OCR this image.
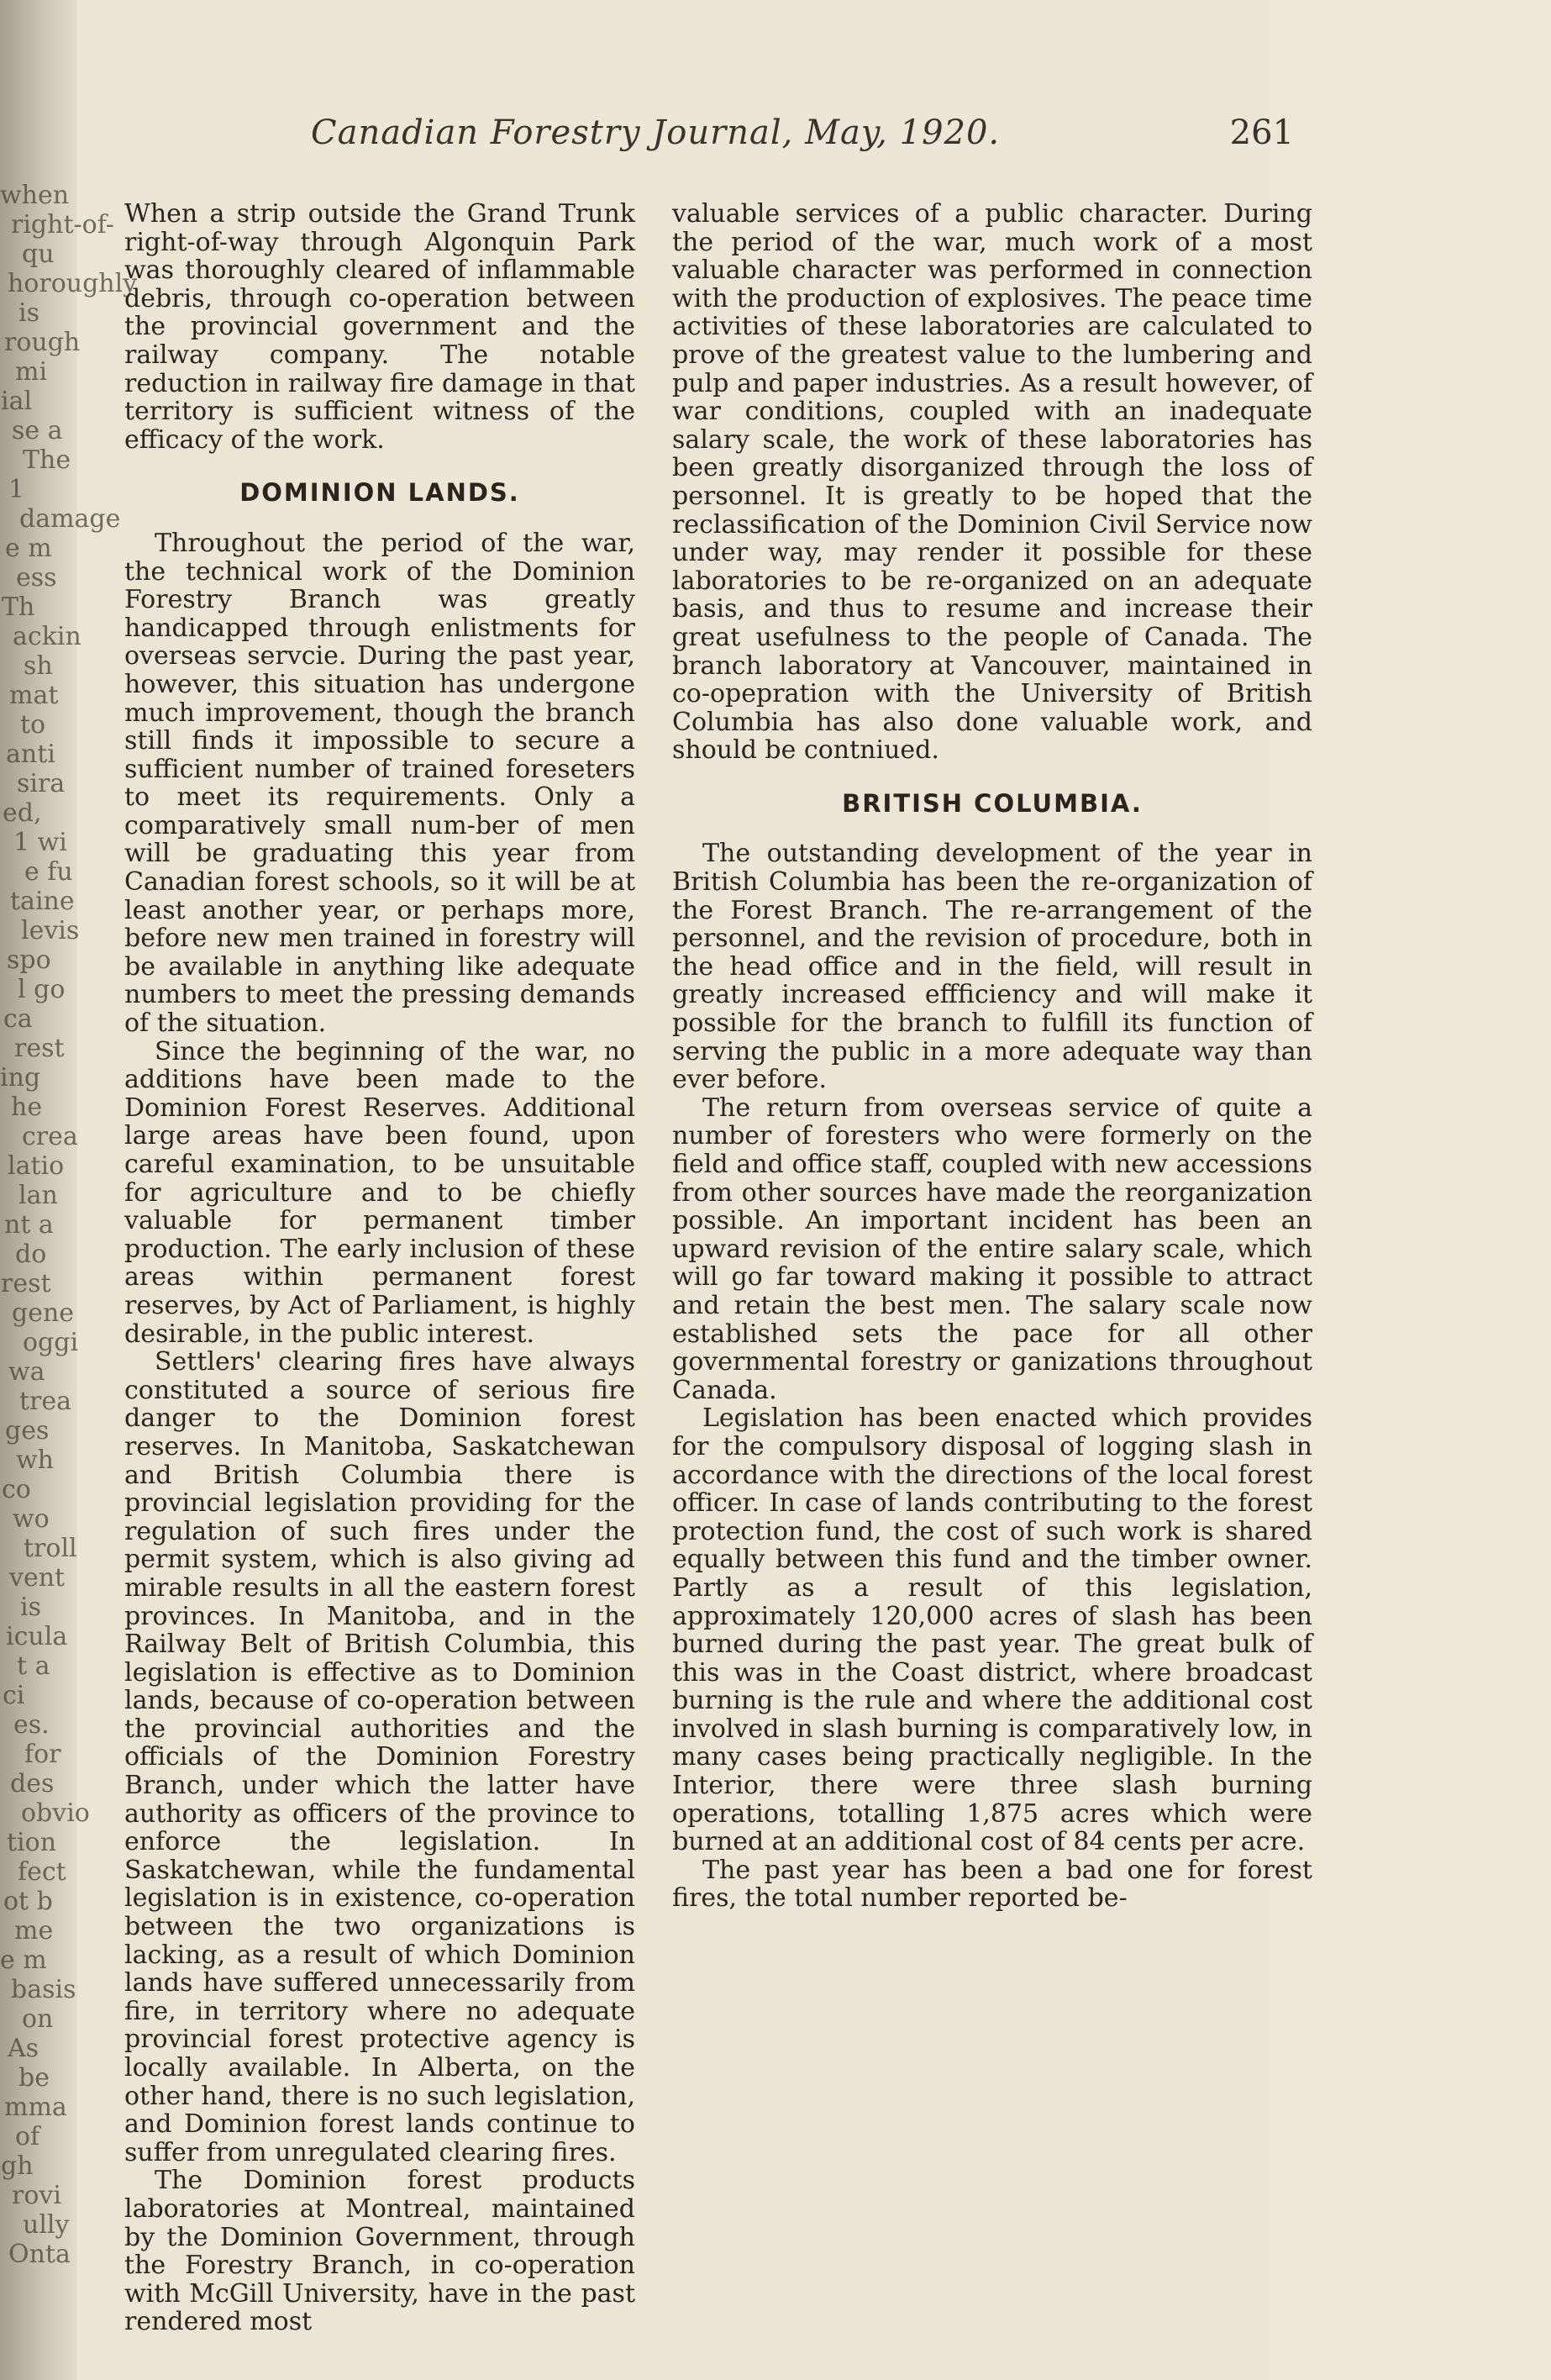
when
right-of-
qu
horoughly
is
rough
mi
ial
se a
The
1
damage
e m
ess
Th
ackin
sh
mat
to
anti
sira
ed,
1 wi
e fu
taine
levis
spo
l go
ca
rest
ing
he
crea
latio
lan
nt a
do
rest
gene
oggi
wa
trea
ges
wh
co
wo
troll
vent
is
icula
t a
ci
es.
for
des
obvio
tion
fect
ot b
me
e m
basis
on
As
be
mma
of
gh
rovi
ully
Onta
Canadian Forestry Journal, May, 1920.	261

When a strip outside the Grand Trunk right-of-way through Algonquin Park was thoroughly cleared of inflammable debris, through co-operation between the provincial government and the railway company. The notable reduction in railway fire damage in that territory is sufficient witness of the efficacy of the work.

DOMINION LANDS.

Throughout the period of the war, the technical work of the Dominion Forestry Branch was greatly handicapped through enlistments for overseas servcie. During the past year, however, this situation has undergone much improvement, though the branch still finds it impossible to secure a sufficient number of trained foreseters to meet its requirements. Only a comparatively small num-ber of men will be graduating this year from Canadian forest schools, so it will be at least another year, or perhaps more, before new men trained in forestry will be available in anything like adequate numbers to meet the pressing demands of the situation.

Since the beginning of the war, no additions have been made to the Dominion Forest Reserves. Additional large areas have been found, upon careful examination, to be unsuitable for agriculture and to be chiefly valuable for permanent timber production. The early inclusion of these areas within permanent forest reserves, by Act of Parliament, is highly desirable, in the public interest.

Settlers' clearing fires have always constituted a source of serious fire danger to the Dominion forest reserves. In Manitoba, Saskatchewan and British Columbia there is provincial legislation providing for the regulation of such fires under the permit system, which is also giving ad mirable results in all the eastern forest provinces. In Manitoba, and in the Railway Belt of British Columbia, this legislation is effective as to Dominion lands, because of co-operation between the provincial authorities and the officials of the Dominion Forestry Branch, under which the latter have authority as officers of the province to enforce the legislation. In Saskatchewan, while the fundamental legislation is in existence, co-operation between the two organizations is lacking, as a result of which Dominion lands have suffered unnecessarily from fire, in territory where no adequate provincial forest protective agency is locally available. In Alberta, on the other hand, there is no such legislation, and Dominion forest lands continue to suffer from unregulated clearing fires.

The Dominion forest products laboratories at Montreal, maintained by the Dominion Government, through the Forestry Branch, in co-operation with McGill University, have in the past rendered most

valuable services of a public character. During the period of the war, much work of a most valuable character was performed in connection with the production of explosives. The peace time activities of these laboratories are calculated to prove of the greatest value to the lumbering and pulp and paper industries. As a result however, of war conditions, coupled with an inadequate salary scale, the work of these laboratories has been greatly disorganized through the loss of personnel. It is greatly to be hoped that the reclassification of the Dominion Civil Service now under way, may render it possible for these laboratories to be re-organized on an adequate basis, and thus to resume and increase their great usefulness to the people of Canada. The branch laboratory at Vancouver, maintained in co-opepration with the University of British Columbia has also done valuable work, and should be contniued.

BRITISH COLUMBIA.

The outstanding development of the year in British Columbia has been the re-organization of the Forest Branch. The re-arrangement of the personnel, and the revision of procedure, both in the head office and in the field, will result in greatly increased effficiency and will make it possible for the branch to fulfill its function of serving the public in a more adequate way than ever before.

The return from overseas service of quite a number of foresters who were formerly on the field and office staff, coupled with new accessions from other sources have made the reorganization possible. An important incident has been an upward revision of the entire salary scale, which will go far toward making it possible to attract and retain the best men. The salary scale now established sets the pace for all other governmental forestry or ganizations throughout Canada.

Legislation has been enacted which provides for the compulsory disposal of logging slash in accordance with the directions of the local forest officer. In case of lands contributing to the forest protection fund, the cost of such work is shared equally between this fund and the timber owner. Partly as a result of this legislation, approximately 120,000 acres of slash has been burned during the past year. The great bulk of this was in the Coast district, where broadcast burning is the rule and where the additional cost involved in slash burning is comparatively low, in many cases being practically negligible. In the Interior, there were three slash burning operations, totalling 1,875 acres which were burned at an additional cost of 84 cents per acre.

The past year has been a bad one for forest fires, the total number reported be-
